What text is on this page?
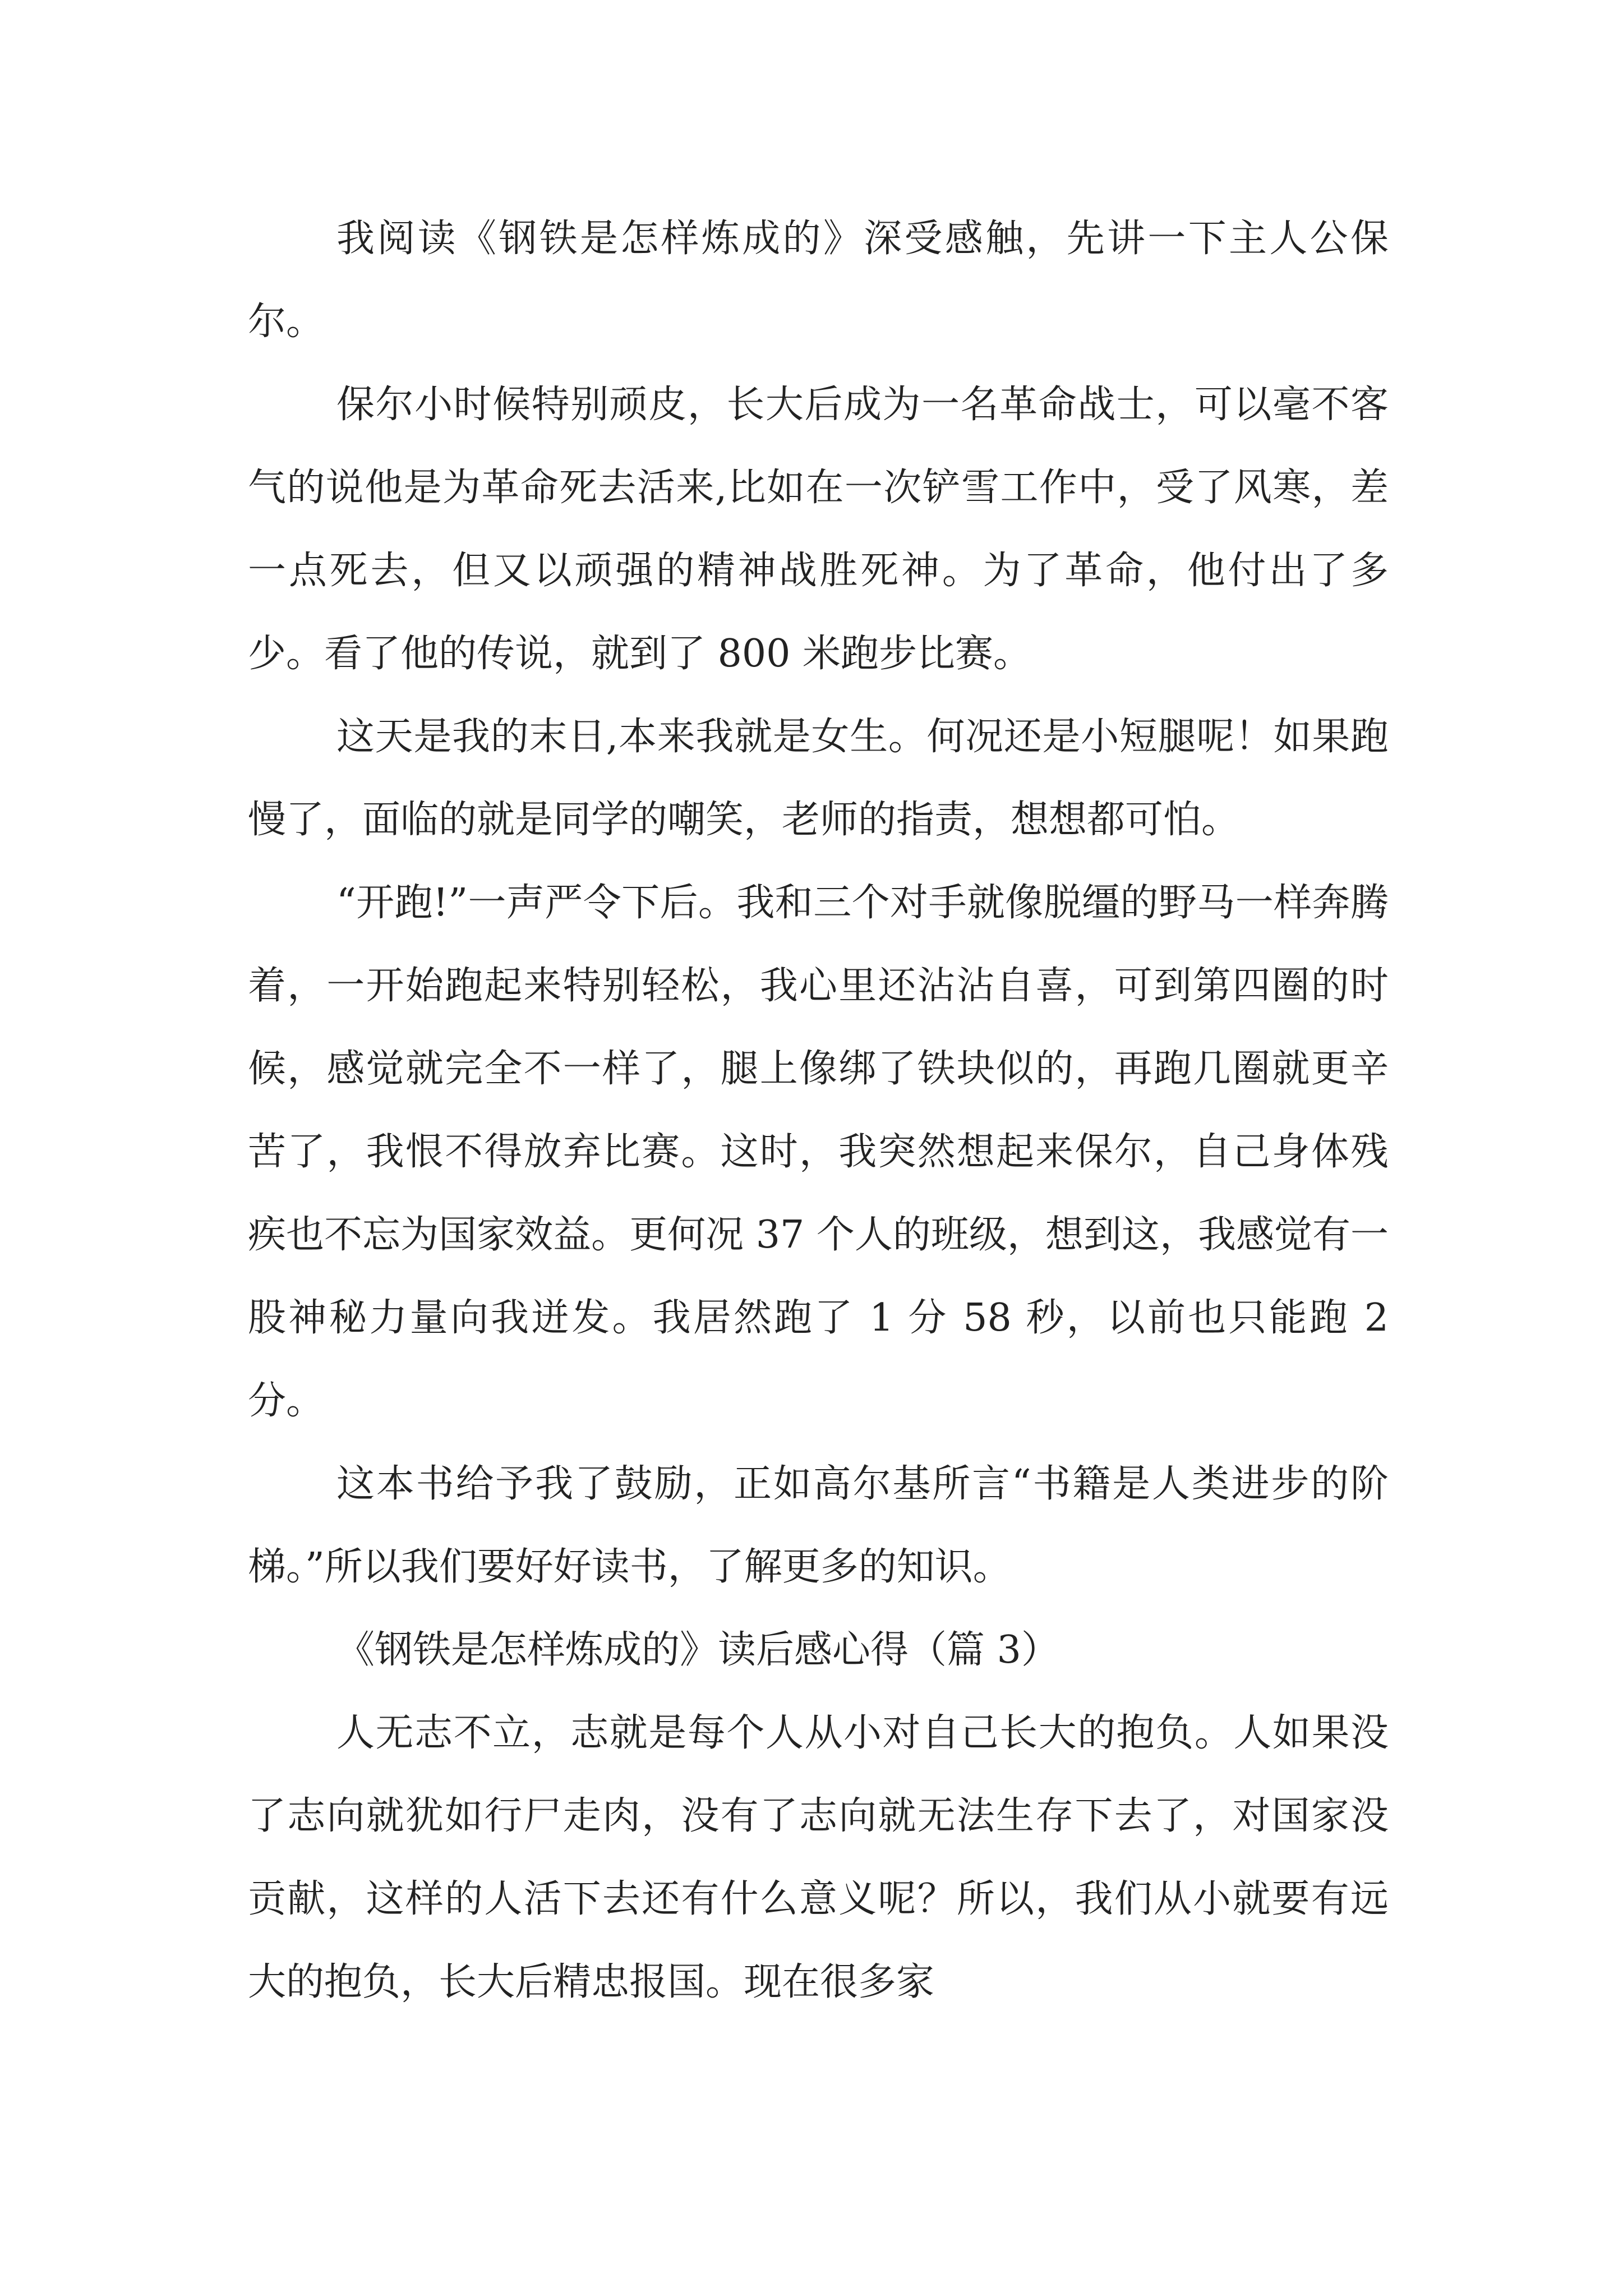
我阅读《钢铁是怎样炼成的》深受感触，先讲一下主人公保尔。

保尔小时候特别顽皮，长大后成为一名革命战士，可以毫不客气的说他是为革命死去活来,比如在一次铲雪工作中，受了风寒，差一点死去，但又以顽强的精神战胜死神。为了革命，他付出了多少。看了他的传说，就到了 800 米跑步比赛。

这天是我的末日,本来我就是女生。何况还是小短腿呢！如果跑慢了，面临的就是同学的嘲笑，老师的指责，想想都可怕。

“开跑!”一声严令下后。我和三个对手就像脱缰的野马一样奔腾着，一开始跑起来特别轻松，我心里还沾沾自喜，可到第四圈的时候，感觉就完全不一样了，腿上像绑了铁块似的，再跑几圈就更辛苦了，我恨不得放弃比赛。这时，我突然想起来保尔，自己身体残疾也不忘为国家效益。更何况 37 个人的班级，想到这，我感觉有一股神秘力量向我迸发。我居然跑了 1 分 58 秒，以前也只能跑 2 分。

这本书给予我了鼓励，正如高尔基所言“书籍是人类进步的阶梯。”所以我们要好好读书，了解更多的知识。

《钢铁是怎样炼成的》读后感心得（篇 3）

人无志不立，志就是每个人从小对自己长大的抱负。人如果没了志向就犹如行尸走肉，没有了志向就无法生存下去了，对国家没贡献，这样的人活下去还有什么意义呢？所以，我们从小就要有远大的抱负，长大后精忠报国。现在很多家
